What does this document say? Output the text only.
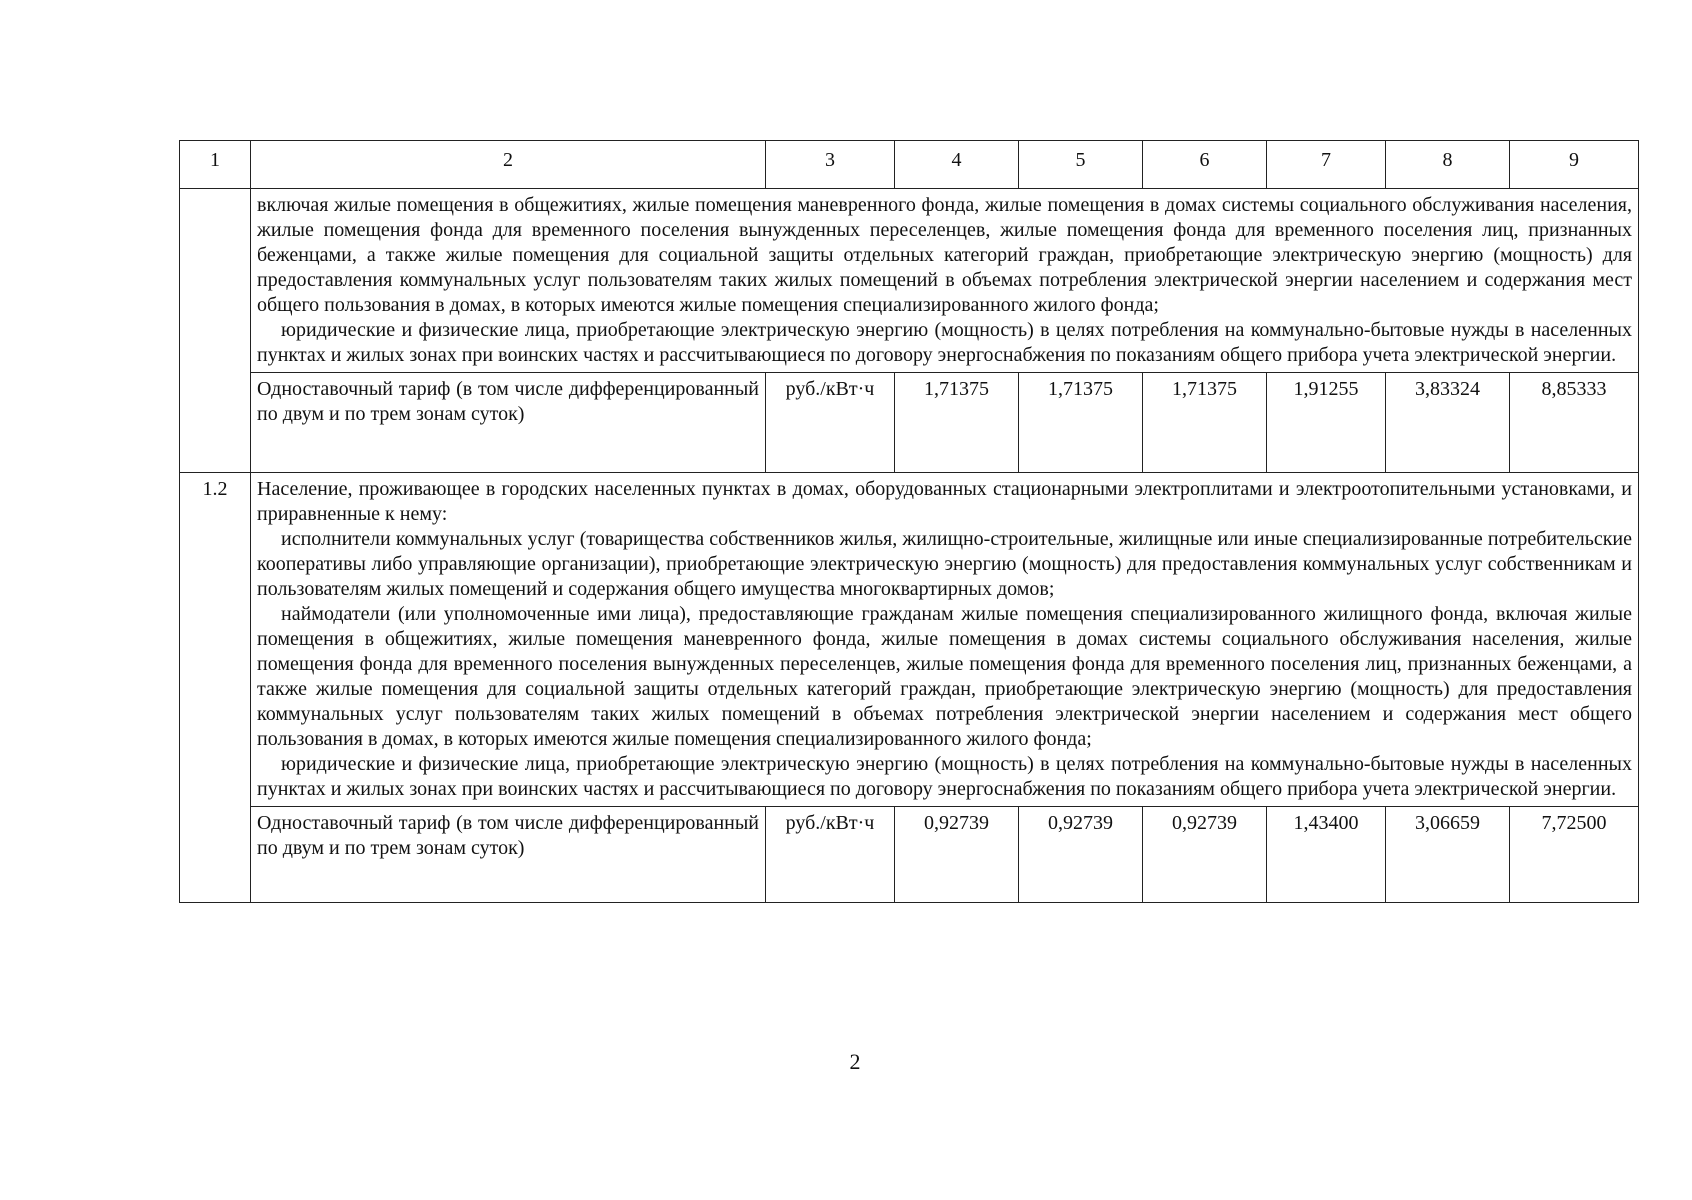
1	2	3	4	5	6	7	8	9

	включая жилые помещения в общежитиях, жилые помещения маневренного фонда, жилые помещения в домах системы социального обслуживания населения, жилые помещения фонда для временного поселения вынужденных переселенцев, жилые помещения фонда для временного поселения лиц, признанных беженцами, а также жилые помещения для социальной защиты отдельных категорий граждан, приобретающие электрическую энергию (мощность) для предоставления коммунальных услуг пользователям таких жилых помещений в объемах потребления электрической энергии населением и содержания мест общего пользования в домах, в которых имеются жилые помещения специализированного жилого фонда;

юридические и физические лица, приобретающие электрическую энергию (мощность) в целях потребления на коммунально-бытовые нужды в населенных пунктах и жилых зонах при воинских частях и рассчитывающиеся по договору энергоснабжения по показаниям общего прибора учета электрической энергии.							

	Одноставочный тариф (в том числе дифференцированный по двум и по трем зонам суток)	руб./кВт·ч	1,71375	1,71375	1,71375	1,91255	3,83324	8,85333
1.2	Население, проживающее в городских населенных пунктах в домах, оборудованных стационарными электроплитами и электроотопительными установками, и приравненные к нему:

исполнители коммунальных услуг (товарищества собственников жилья, жилищно-строительные, жилищные или иные специализированные потребительские кооперативы либо управляющие организации), приобретающие электрическую энергию (мощность) для предоставления коммунальных услуг собственникам и пользователям жилых помещений и содержания общего имущества многоквартирных домов;

наймодатели (или уполномоченные ими лица), предоставляющие гражданам жилые помещения специализированного жилищного фонда, включая жилые помещения в общежитиях, жилые помещения маневренного фонда, жилые помещения в домах системы социального обслуживания населения, жилые помещения фонда для временного поселения вынужденных переселенцев, жилые помещения фонда для временного поселения лиц, признанных беженцами, а также жилые помещения для социальной защиты отдельных категорий граждан, приобретающие электрическую энергию (мощность) для предоставления коммунальных услуг пользователям таких жилых помещений в объемах потребления электрической энергии населением и содержания мест общего пользования в домах, в которых имеются жилые помещения специализированного жилого фонда;

юридические и физические лица, приобретающие электрическую энергию (мощность) в целях потребления на коммунально-бытовые нужды в населенных пунктах и жилых зонах при воинских частях и рассчитывающиеся по договору энергоснабжения по показаниям общего прибора учета электрической энергии.							

	Одноставочный тариф (в том числе дифференцированный по двум и по трем зонам суток)	руб./кВт·ч	0,92739	0,92739	0,92739	1,43400	3,06659	7,72500
2
